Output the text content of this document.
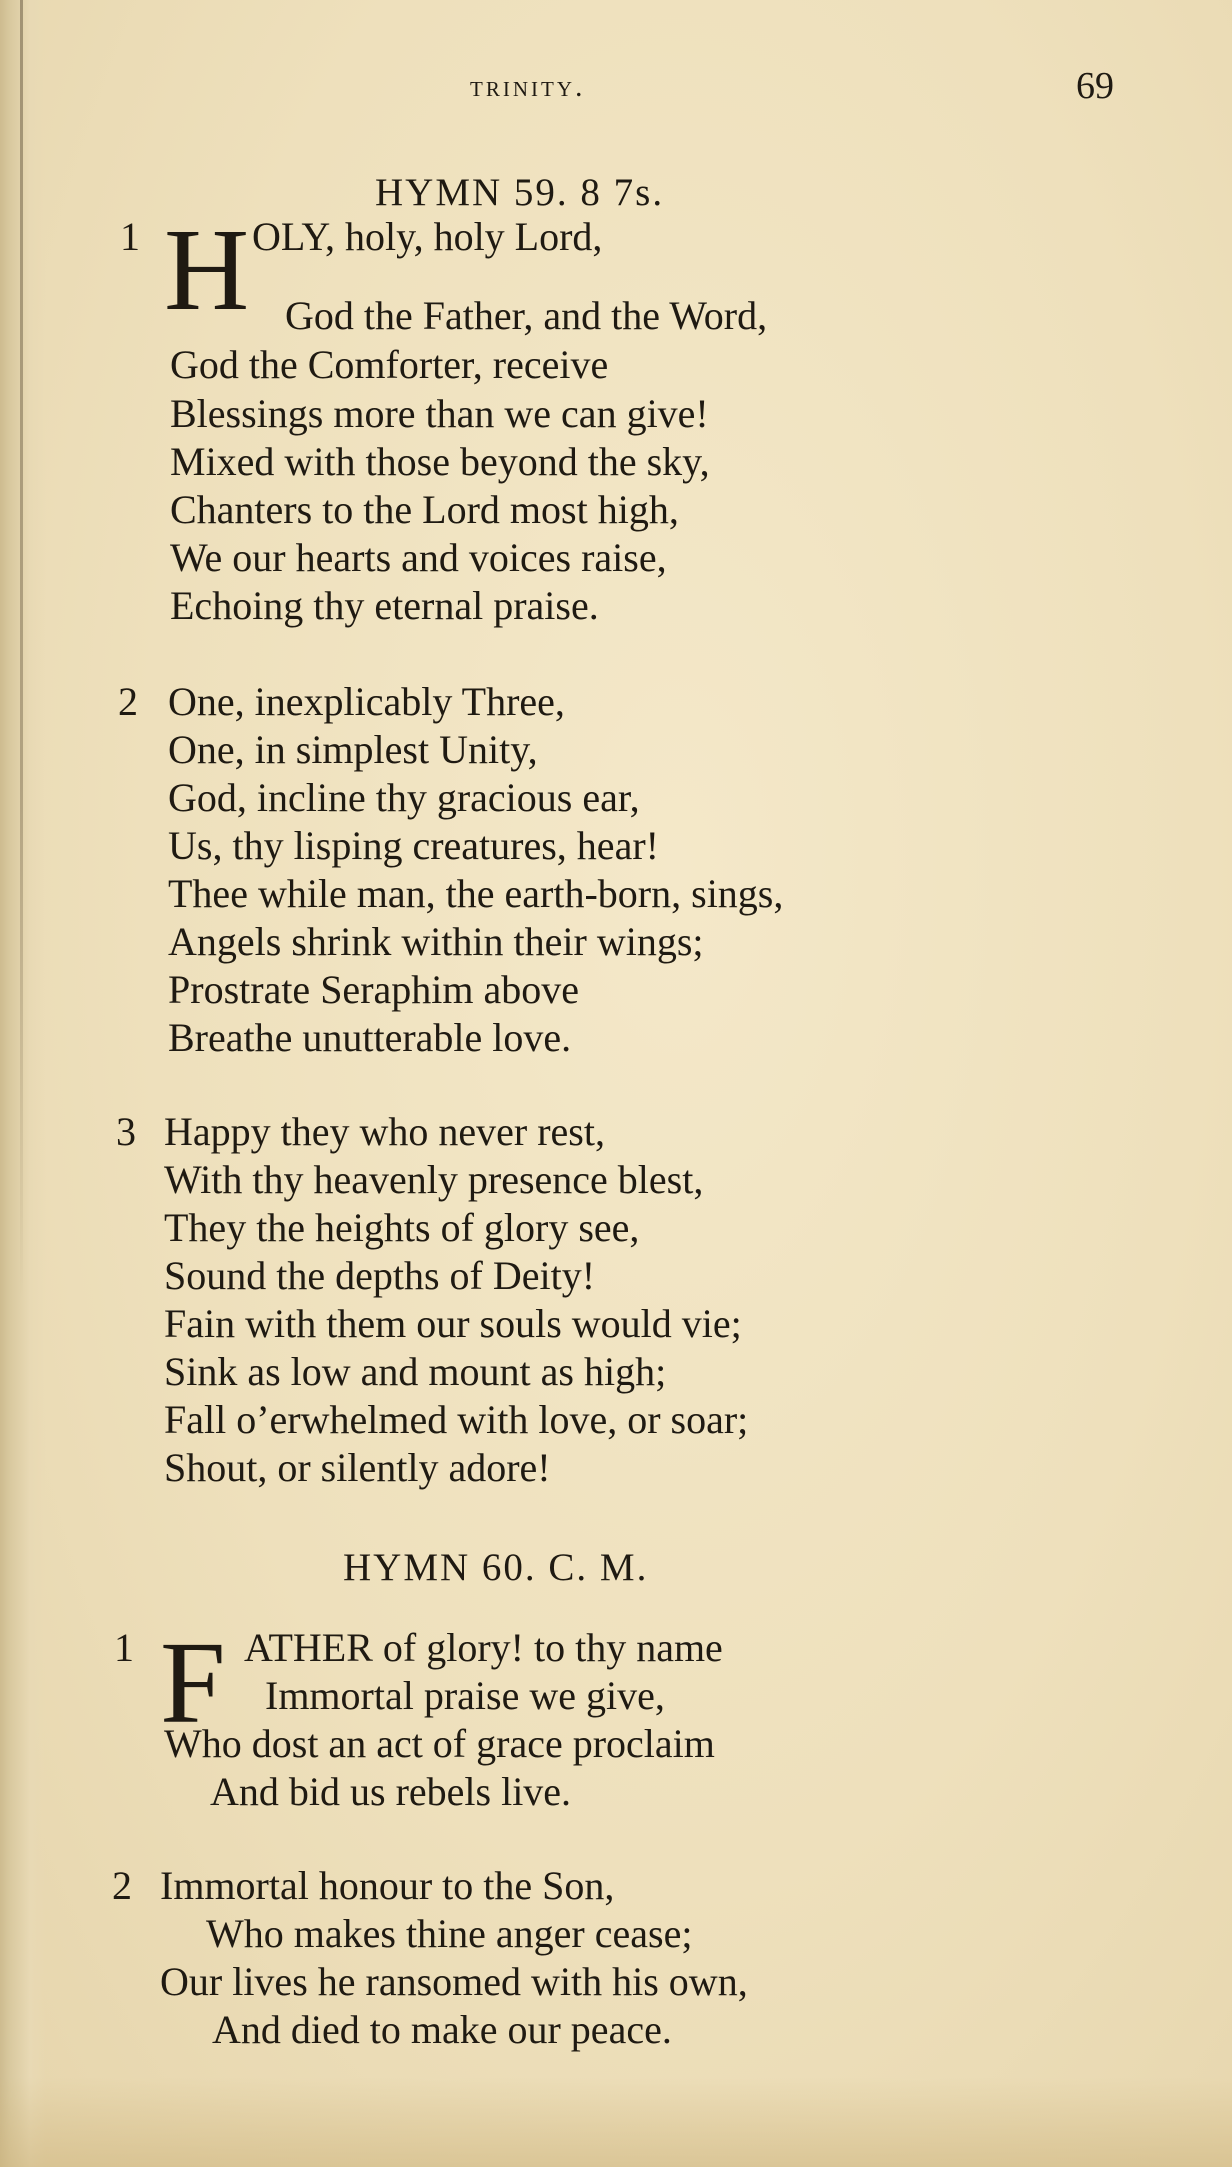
trinity.	69
HYMN 59. 8 7s.
1 H OLY, holy, holy Lord,
God the Father, and the Word,
God the Comforter, receive
Blessings more than we can give!
Mixed with those beyond the sky,
Chanters to the Lord most high,
We our hearts and voices raise,
Echoing thy eternal praise.
2 One, inexplicably Three,
One, in simplest Unity,
God, incline thy gracious ear,
Us, thy lisping creatures, hear!
Thee while man, the earth-born, sings,
Angels shrink within their wings;
Prostrate Seraphim above
Breathe unutterable love.
3 Happy they who never rest,
With thy heavenly presence blest,
They the heights of glory see,
Sound the depths of Deity!
Fain with them our souls would vie;
Sink as low and mount as high;
Fall o’erwhelmed with love, or soar;
Shout, or silently adore!
HYMN 60. C. M.
1 F ATHER of glory! to thy name
Immortal praise we give,
Who dost an act of grace proclaim
And bid us rebels live.
2 Immortal honour to the Son,
Who makes thine anger cease;
Our lives he ransomed with his own,
And died to make our peace.
